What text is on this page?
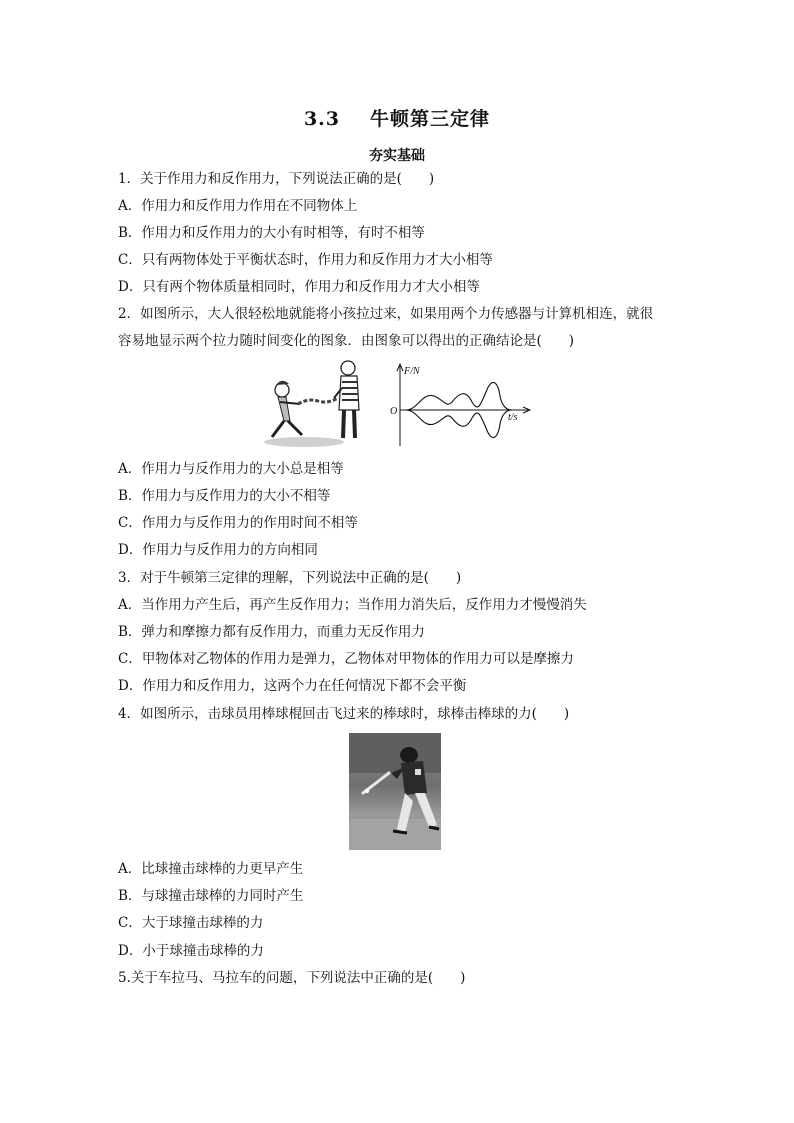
3.3 牛顿第三定律
夯实基础
1．关于作用力和反作用力，下列说法正确的是(　　)
A．作用力和反作用力作用在不同物体上
B．作用力和反作用力的大小有时相等，有时不相等
C．只有两物体处于平衡状态时，作用力和反作用力才大小相等
D．只有两个物体质量相同时，作用力和反作用力才大小相等
2．如图所示，大人很轻松地就能将小孩拉过来，如果用两个力传感器与计算机相连，就很
容易地显示两个拉力随时间变化的图象．由图象可以得出的正确结论是(　　)
F/N
O
t/s
A．作用力与反作用力的大小总是相等
B．作用力与反作用力的大小不相等
C．作用力与反作用力的作用时间不相等
D．作用力与反作用力的方向相同
3．对于牛顿第三定律的理解，下列说法中正确的是(　　)
A．当作用力产生后，再产生反作用力；当作用力消失后，反作用力才慢慢消失
B．弹力和摩擦力都有反作用力，而重力无反作用力
C．甲物体对乙物体的作用力是弹力，乙物体对甲物体的作用力可以是摩擦力
D．作用力和反作用力，这两个力在任何情况下都不会平衡
4．如图所示，击球员用棒球棍回击飞过来的棒球时，球棒击棒球的力(　　)
A．比球撞击球棒的力更早产生
B．与球撞击球棒的力同时产生
C．大于球撞击球棒的力
D．小于球撞击球棒的力
5.关于车拉马、马拉车的问题，下列说法中正确的是(　　)
